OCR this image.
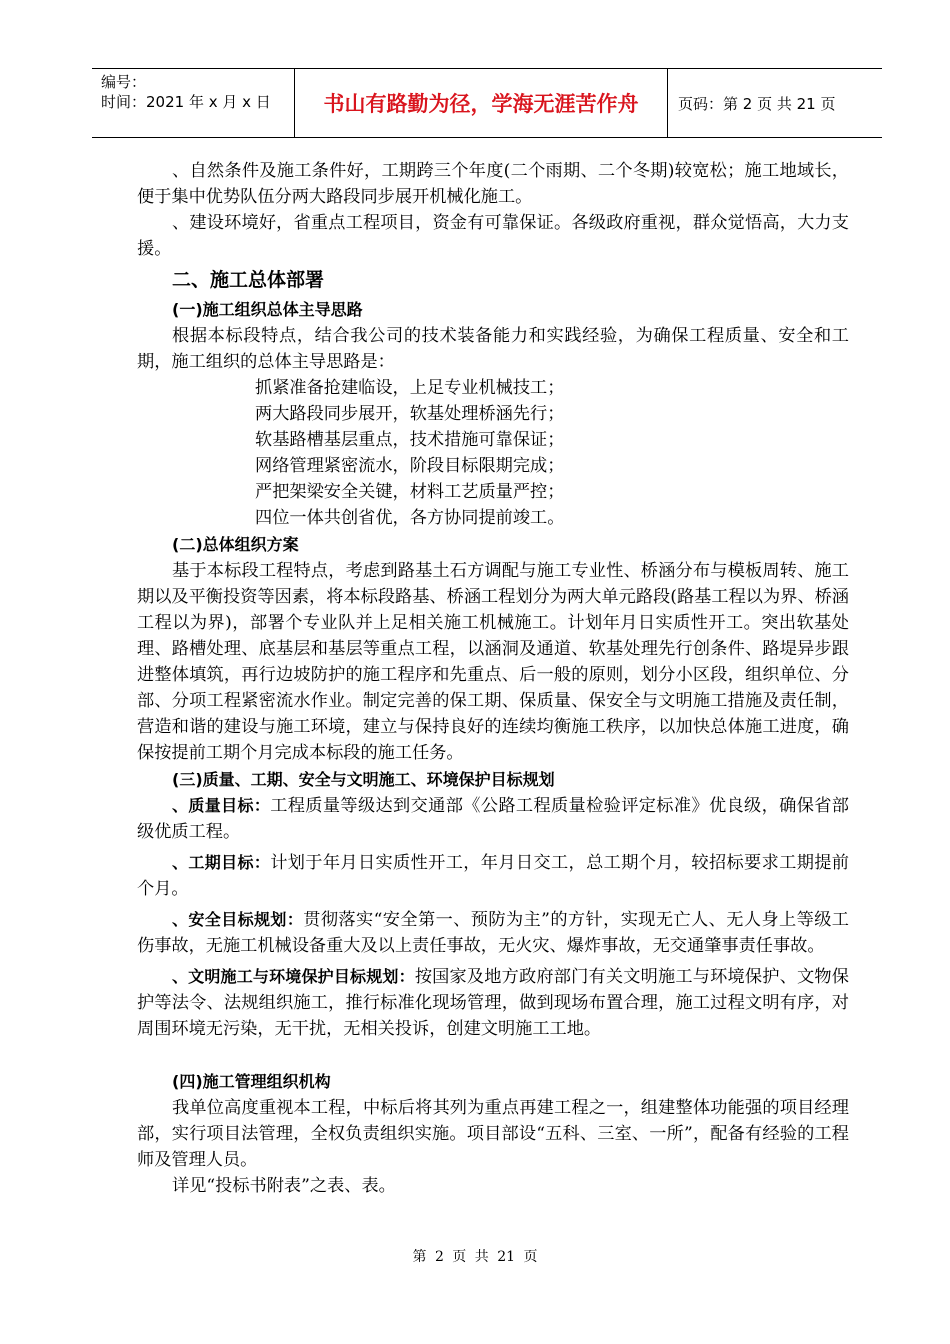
编号：
时间：2021 年 x 月 x 日	书山有路勤为径，学海无涯苦作舟	页码：第 2 页 共 21 页

、自然条件及施工条件好，工期跨三个年度(二个雨期、二个冬期)较宽松；施工地域长，便于集中优势队伍分两大路段同步展开机械化施工。

、建设环境好，省重点工程项目，资金有可靠保证。各级政府重视，群众觉悟高，大力支援。

二、施工总体部署
(一)施工组织总体主导思路

根据本标段特点，结合我公司的技术装备能力和实践经验，为确保工程质量、安全和工期，施工组织的总体主导思路是：

抓紧准备抢建临设，上足专业机械技工；

两大路段同步展开，软基处理桥涵先行；

软基路槽基层重点，技术措施可靠保证；

网络管理紧密流水，阶段目标限期完成；

严把架梁安全关键，材料工艺质量严控；

四位一体共创省优，各方协同提前竣工。

(二)总体组织方案

基于本标段工程特点，考虑到路基土石方调配与施工专业性、桥涵分布与模板周转、施工期以及平衡投资等因素，将本标段路基、桥涵工程划分为两大单元路段(路基工程以为界、桥涵工程以为界)，部署个专业队并上足相关施工机械施工。计划年月日实质性开工。突出软基处理、路槽处理、底基层和基层等重点工程，以涵洞及通道、软基处理先行创条件、路堤异步跟进整体填筑，再行边坡防护的施工程序和先重点、后一般的原则，划分小区段，组织单位、分部、分项工程紧密流水作业。制定完善的保工期、保质量、保安全与文明施工措施及责任制，营造和谐的建设与施工环境，建立与保持良好的连续均衡施工秩序，以加快总体施工进度，确保按提前工期个月完成本标段的施工任务。

(三)质量、工期、安全与文明施工、环境保护目标规划

、质量目标：工程质量等级达到交通部《公路工程质量检验评定标准》优良级，确保省部级优质工程。

、工期目标：计划于年月日实质性开工，年月日交工，总工期个月，较招标要求工期提前个月。

、安全目标规划：贯彻落实“安全第一、预防为主”的方针，实现无亡人、无人身上等级工伤事故，无施工机械设备重大及以上责任事故，无火灾、爆炸事故，无交通肇事责任事故。

、文明施工与环境保护目标规划：按国家及地方政府部门有关文明施工与环境保护、文物保护等法令、法规组织施工，推行标准化现场管理，做到现场布置合理，施工过程文明有序，对周围环境无污染，无干扰，无相关投诉，创建文明施工工地。

(四)施工管理组织机构

我单位高度重视本工程，中标后将其列为重点再建工程之一，组建整体功能强的项目经理部，实行项目法管理，全权负责组织实施。项目部设“五科、三室、一所”，配备有经验的工程师及管理人员。

详见“投标书附表”之表、表。

第 2 页 共 21 页
